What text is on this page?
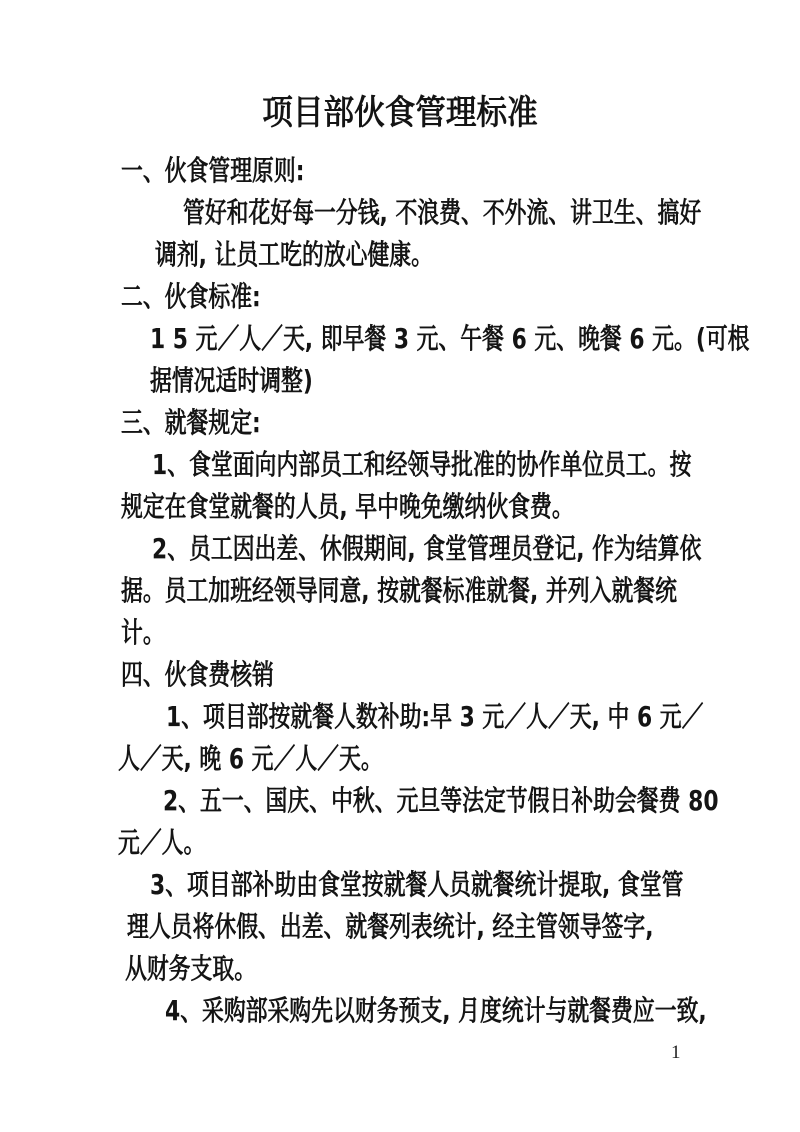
项目部伙食管理标准
一、伙食管理原则:
管好和花好每一分钱, 不浪费、不外流、讲卫生、搞好
调剂, 让员工吃的放心健康。
二、伙食标准:
1 5 元／人／天, 即早餐 3 元、午餐 6 元、晚餐 6 元。(可根
据情况适时调整)
三、就餐规定:
1、食堂面向内部员工和经领导批准的协作单位员工。按
规定在食堂就餐的人员, 早中晚免缴纳伙食费。
2、员工因出差、休假期间, 食堂管理员登记, 作为结算依
据。员工加班经领导同意, 按就餐标准就餐, 并列入就餐统
计。
四、伙食费核销
1、项目部按就餐人数补助:早 3 元／人／天, 中 6 元／
人／天, 晚 6 元／人／天。
2、五一、国庆、中秋、元旦等法定节假日补助会餐费 80
元／人。
3、项目部补助由食堂按就餐人员就餐统计提取, 食堂管
理人员将休假、出差、就餐列表统计, 经主管领导签字,
从财务支取。
4、采购部采购先以财务预支, 月度统计与就餐费应一致,
1
